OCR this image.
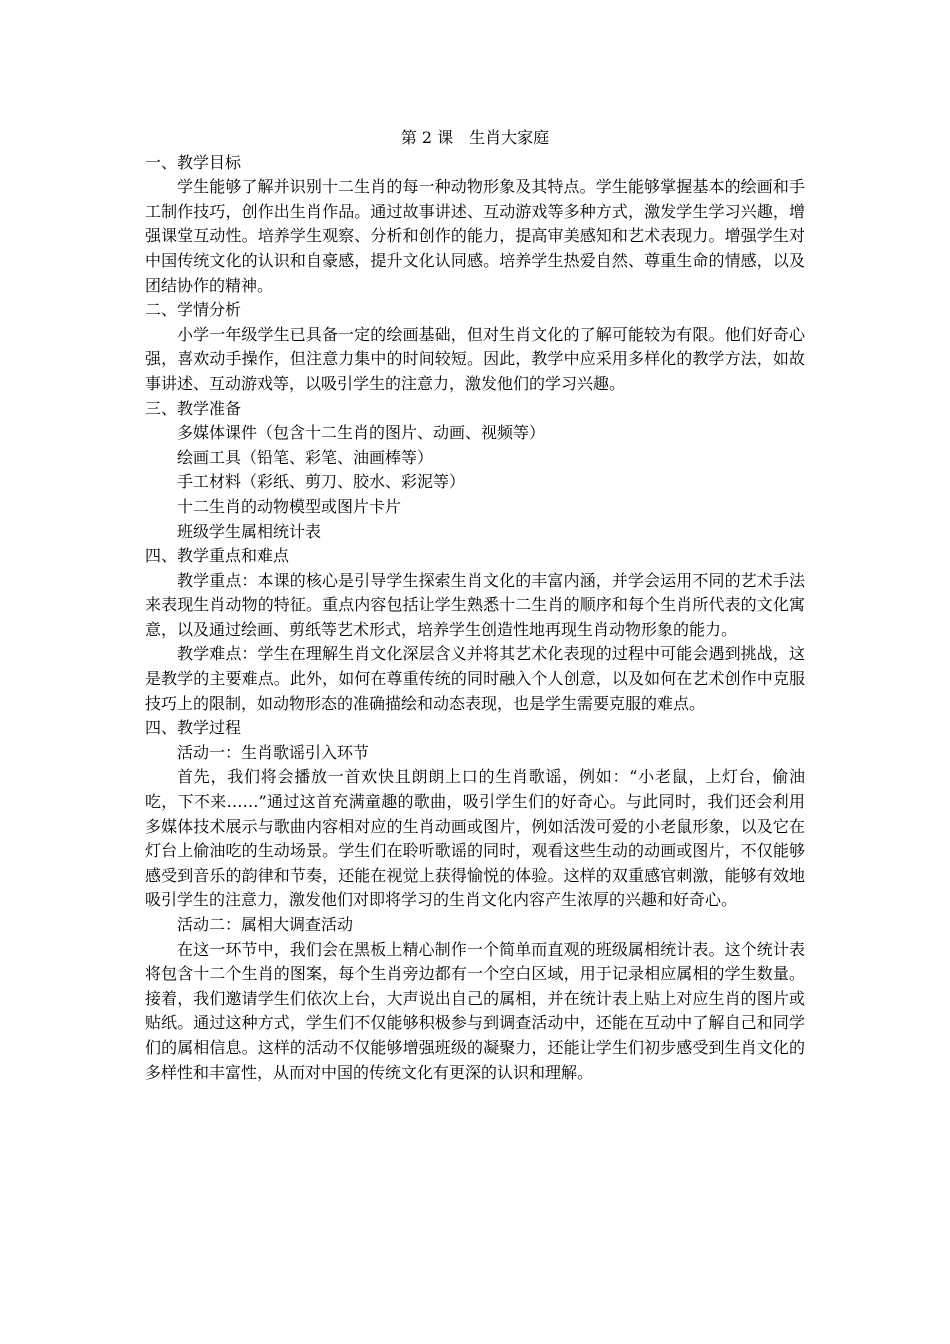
第 2 课　生肖大家庭

一、教学目标

学生能够了解并识别十二生肖的每一种动物形象及其特点。学生能够掌握基本的绘画和手工制作技巧，创作出生肖作品。通过故事讲述、互动游戏等多种方式，激发学生学习兴趣，增强课堂互动性。培养学生观察、分析和创作的能力，提高审美感知和艺术表现力。增强学生对中国传统文化的认识和自豪感，提升文化认同感。培养学生热爱自然、尊重生命的情感，以及团结协作的精神。

二、学情分析

小学一年级学生已具备一定的绘画基础，但对生肖文化的了解可能较为有限。他们好奇心强，喜欢动手操作，但注意力集中的时间较短。因此，教学中应采用多样化的教学方法，如故事讲述、互动游戏等，以吸引学生的注意力，激发他们的学习兴趣。

三、教学准备

多媒体课件（包含十二生肖的图片、动画、视频等）

绘画工具（铅笔、彩笔、油画棒等）

手工材料（彩纸、剪刀、胶水、彩泥等）

十二生肖的动物模型或图片卡片

班级学生属相统计表

四、教学重点和难点

教学重点：本课的核心是引导学生探索生肖文化的丰富内涵，并学会运用不同的艺术手法来表现生肖动物的特征。重点内容包括让学生熟悉十二生肖的顺序和每个生肖所代表的文化寓意，以及通过绘画、剪纸等艺术形式，培养学生创造性地再现生肖动物形象的能力。

教学难点：学生在理解生肖文化深层含义并将其艺术化表现的过程中可能会遇到挑战，这是教学的主要难点。此外，如何在尊重传统的同时融入个人创意，以及如何在艺术创作中克服技巧上的限制，如动物形态的准确描绘和动态表现，也是学生需要克服的难点。

四、教学过程

活动一：生肖歌谣引入环节

首先，我们将会播放一首欢快且朗朗上口的生肖歌谣，例如：“小老鼠，上灯台，偷油吃，下不来……”通过这首充满童趣的歌曲，吸引学生们的好奇心。与此同时，我们还会利用多媒体技术展示与歌曲内容相对应的生肖动画或图片，例如活泼可爱的小老鼠形象，以及它在灯台上偷油吃的生动场景。学生们在聆听歌谣的同时，观看这些生动的动画或图片，不仅能够感受到音乐的韵律和节奏，还能在视觉上获得愉悦的体验。这样的双重感官刺激，能够有效地吸引学生的注意力，激发他们对即将学习的生肖文化内容产生浓厚的兴趣和好奇心。

活动二：属相大调查活动

在这一环节中，我们会在黑板上精心制作一个简单而直观的班级属相统计表。这个统计表将包含十二个生肖的图案，每个生肖旁边都有一个空白区域，用于记录相应属相的学生数量。接着，我们邀请学生们依次上台，大声说出自己的属相，并在统计表上贴上对应生肖的图片或贴纸。通过这种方式，学生们不仅能够积极参与到调查活动中，还能在互动中了解自己和同学们的属相信息。这样的活动不仅能够增强班级的凝聚力，还能让学生们初步感受到生肖文化的多样性和丰富性，从而对中国的传统文化有更深的认识和理解。
